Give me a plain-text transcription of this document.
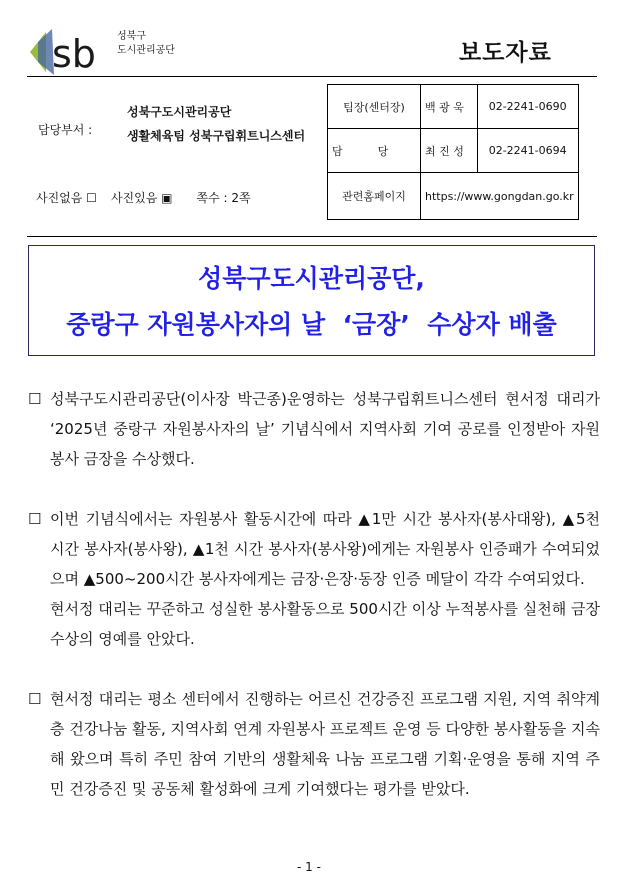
sb 성북구
도시관리공단	보도자료
담당부서 :
성북구도시관리공단
생활체육팀 성북구립휘트니스센터
사진없음 ☐ 사진있음 ▣ 쪽수 : 2쪽
팀장(센터장)	백 광 욱	02-2241-0690
담          당	최 진 성	02-2241-0694
관련홈페이지	https://www.gongdan.go.kr	
성북구도시관리공단,
중랑구 자원봉사자의 날  ‘금장’  수상자 배출
☐ 성북구도시관리공단(이사장 박근종)운영하는 성북구립휘트니스센터 현서정 대리가 ‘2025년 중랑구 자원봉사자의 날’ 기념식에서 지역사회 기여 공로를 인정받아 자원봉사 금장을 수상했다.
☐ 이번 기념식에서는 자원봉사 활동시간에 따라 ▲1만 시간 봉사자(봉사대왕), ▲5천 시간 봉사자(봉사왕), ▲1천 시간 봉사자(봉사왕)에게는 자원봉사 인증패가 수여되었으며 ▲500~200시간 봉사자에게는 금장·은장·동장 인증 메달이 각각 수여되었다.
현서정 대리는 꾸준하고 성실한 봉사활동으로 500시간 이상 누적봉사를 실천해 금장 수상의 영예를 안았다.
☐ 현서정 대리는 평소 센터에서 진행하는 어르신 건강증진 프로그램 지원, 지역 취약계층 건강나눔 활동, 지역사회 연계 자원봉사 프로젝트 운영 등 다양한 봉사활동을 지속해 왔으며 특히 주민 참여 기반의 생활체육 나눔 프로그램 기획·운영을 통해 지역 주민 건강증진 및 공동체 활성화에 크게 기여했다는 평가를 받았다.
- 1 -
